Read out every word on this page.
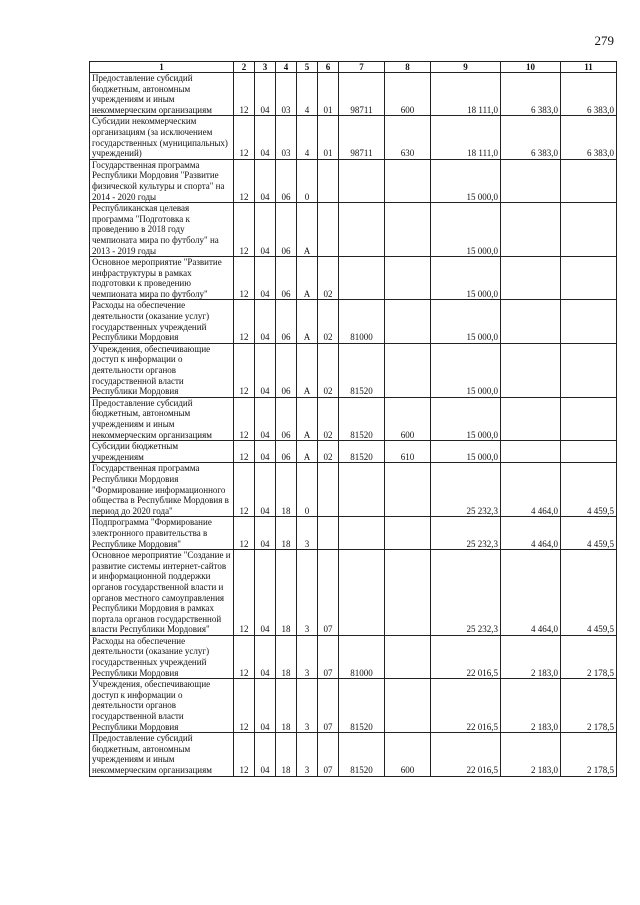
279
1	2	3	4	5	6	7	8	9	10	11
Предоставление субсидий бюджетным, автономным учреждениям и иным некоммерческим организациям	12	04	03	4	01	98711	600	18 111,0	6 383,0	6 383,0
Субсидии некоммерческим организациям (за исключением государственных (муниципальных) учреждений)	12	04	03	4	01	98711	630	18 111,0	6 383,0	6 383,0
Государственная программа Республики Мордовия "Развитие физической культуры и спорта" на 2014 - 2020 годы	12	04	06	0				15 000,0		
Республиканская целевая программа "Подготовка к проведению в 2018 году чемпионата мира по футболу" на 2013 - 2019 годы	12	04	06	А				15 000,0		
Основное мероприятие "Развитие инфраструктуры в рамках подготовки к проведению чемпионата мира по футболу"	12	04	06	А	02			15 000,0		
Расходы на обеспечение деятельности (оказание услуг) государственных учреждений Республики Мордовия	12	04	06	А	02	81000		15 000,0		
Учреждения, обеспечивающие доступ к информации о деятельности органов государственной власти Республики Мордовия	12	04	06	А	02	81520		15 000,0		
Предоставление субсидий бюджетным, автономным учреждениям и иным некоммерческим организациям	12	04	06	А	02	81520	600	15 000,0		
Субсидии бюджетным учреждениям	12	04	06	А	02	81520	610	15 000,0		
Государственная программа Республики Мордовия "Формирование информационного общества в Республике Мордовия в период до 2020 года"	12	04	18	0				25 232,3	4 464,0	4 459,5
Подпрограмма "Формирование электронного правительства в Республике Мордовия"	12	04	18	3				25 232,3	4 464,0	4 459,5
Основное мероприятие "Создание и развитие системы интернет-сайтов и информационной поддержки органов государственной власти и органов местного самоуправления Республики Мордовия в рамках портала органов государственной власти Республики Мордовия"	12	04	18	3	07			25 232,3	4 464,0	4 459,5
Расходы на обеспечение деятельности (оказание услуг) государственных учреждений Республики Мордовия	12	04	18	3	07	81000		22 016,5	2 183,0	2 178,5
Учреждения, обеспечивающие доступ к информации о деятельности органов государственной власти Республики Мордовия	12	04	18	3	07	81520		22 016,5	2 183,0	2 178,5
Предоставление субсидий бюджетным, автономным учреждениям и иным некоммерческим организациям	12	04	18	3	07	81520	600	22 016,5	2 183,0	2 178,5
